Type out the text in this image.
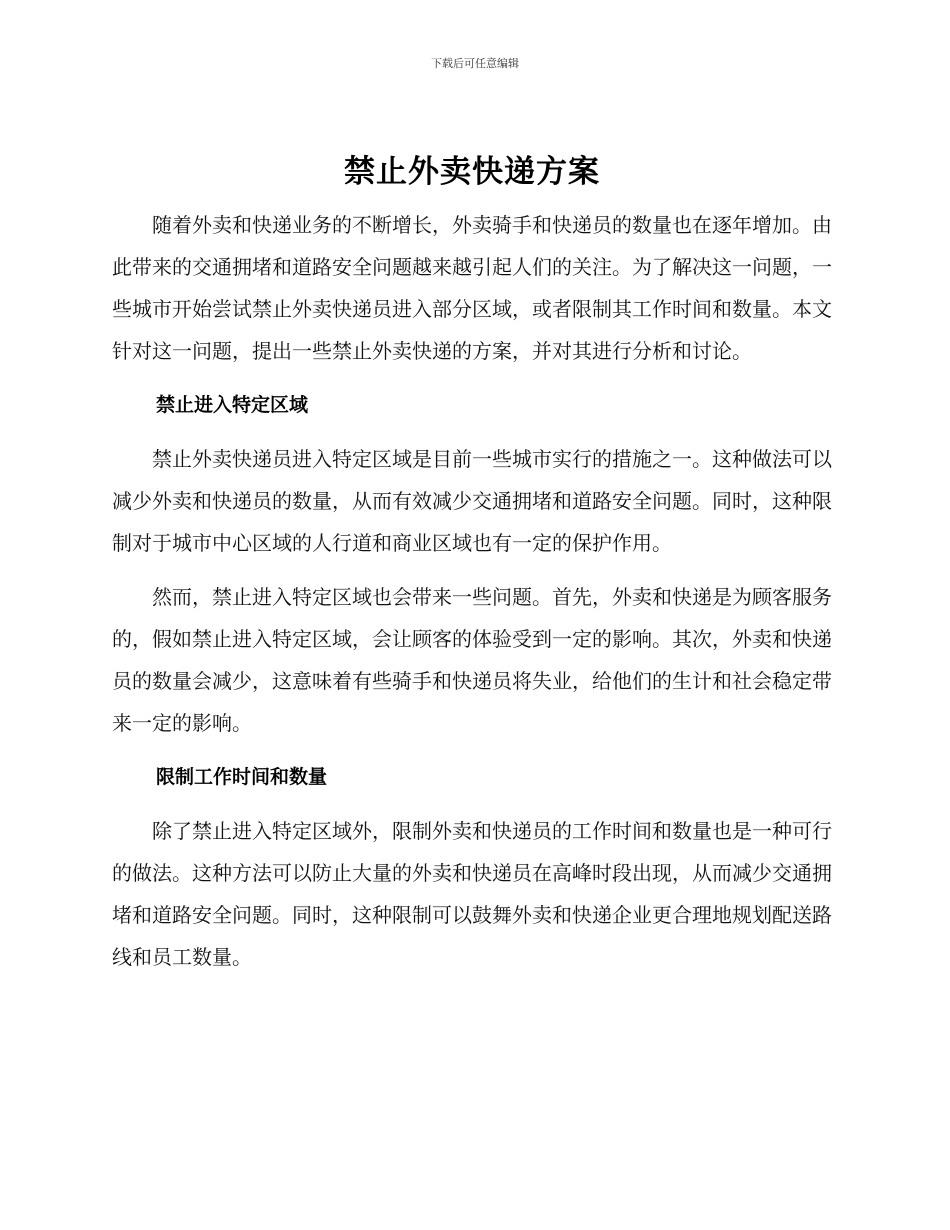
下载后可任意编辑
禁止外卖快递方案

随着外卖和快递业务的不断增长，外卖骑手和快递员的数量也在逐年增加。由此带来的交通拥堵和道路安全问题越来越引起人们的关注。为了解决这一问题，一些城市开始尝试禁止外卖快递员进入部分区域，或者限制其工作时间和数量。本文针对这一问题，提出一些禁止外卖快递的方案，并对其进行分析和讨论。

禁止进入特定区域

禁止外卖快递员进入特定区域是目前一些城市实行的措施之一。这种做法可以减少外卖和快递员的数量，从而有效减少交通拥堵和道路安全问题。同时，这种限制对于城市中心区域的人行道和商业区域也有一定的保护作用。

然而，禁止进入特定区域也会带来一些问题。首先，外卖和快递是为顾客服务的，假如禁止进入特定区域，会让顾客的体验受到一定的影响。其次，外卖和快递员的数量会减少，这意味着有些骑手和快递员将失业，给他们的生计和社会稳定带来一定的影响。

限制工作时间和数量

除了禁止进入特定区域外，限制外卖和快递员的工作时间和数量也是一种可行的做法。这种方法可以防止大量的外卖和快递员在高峰时段出现，从而减少交通拥堵和道路安全问题。同时，这种限制可以鼓舞外卖和快递企业更合理地规划配送路线和员工数量。
